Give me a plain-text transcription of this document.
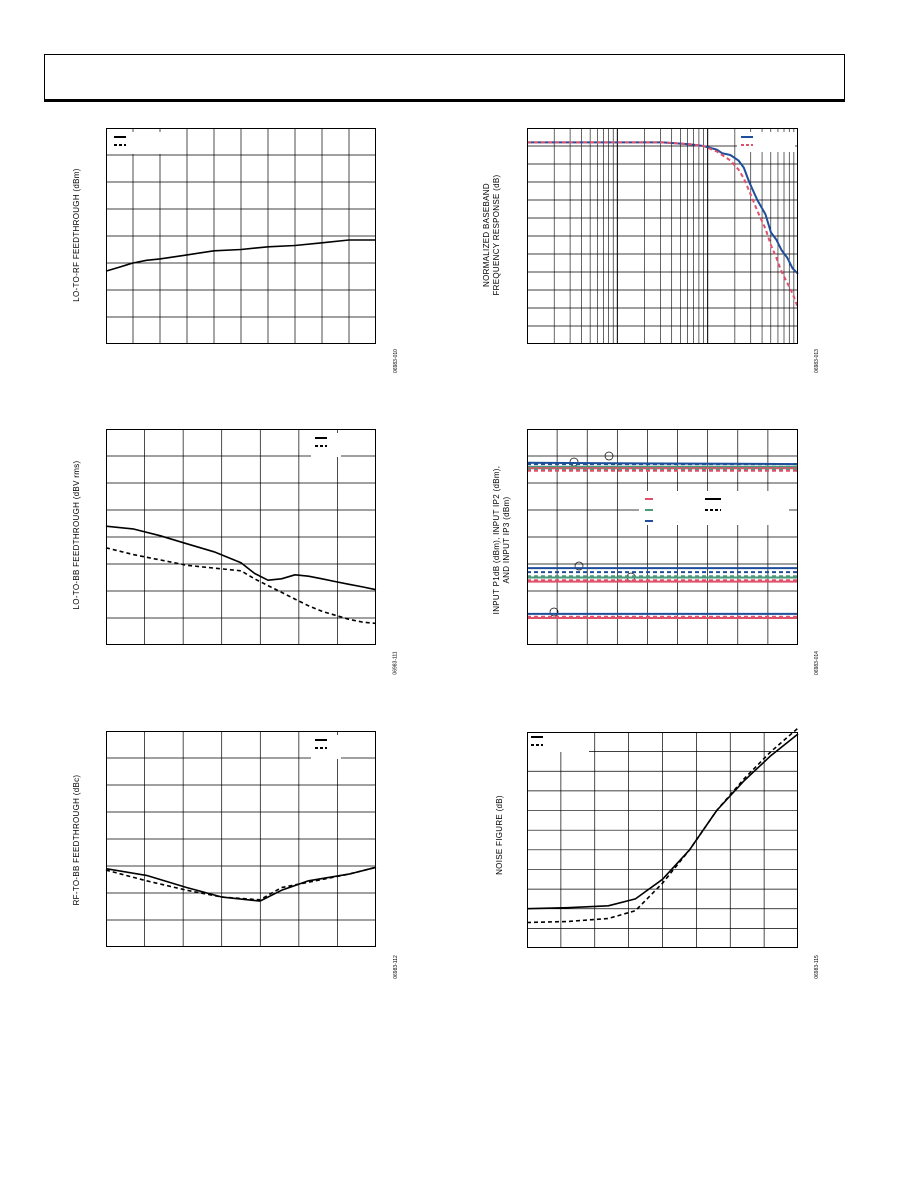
LO-TO-RF FEEDTHROUGH (dBm)
06983-010
NORMALIZED BASEBAND FREQUENCY RESPONSE (dB)
06983-013
LO-TO-BB FEEDTHROUGH (dBV rms)
06983-111
INPUT P1dB (dBm), INPUT IP2 (dBm), AND INPUT IP3 (dBm)
06983-014
RF-TO-BB FEEDTHROUGH (dBc)
06983-112
NOISE FIGURE (dB)
06983-115
